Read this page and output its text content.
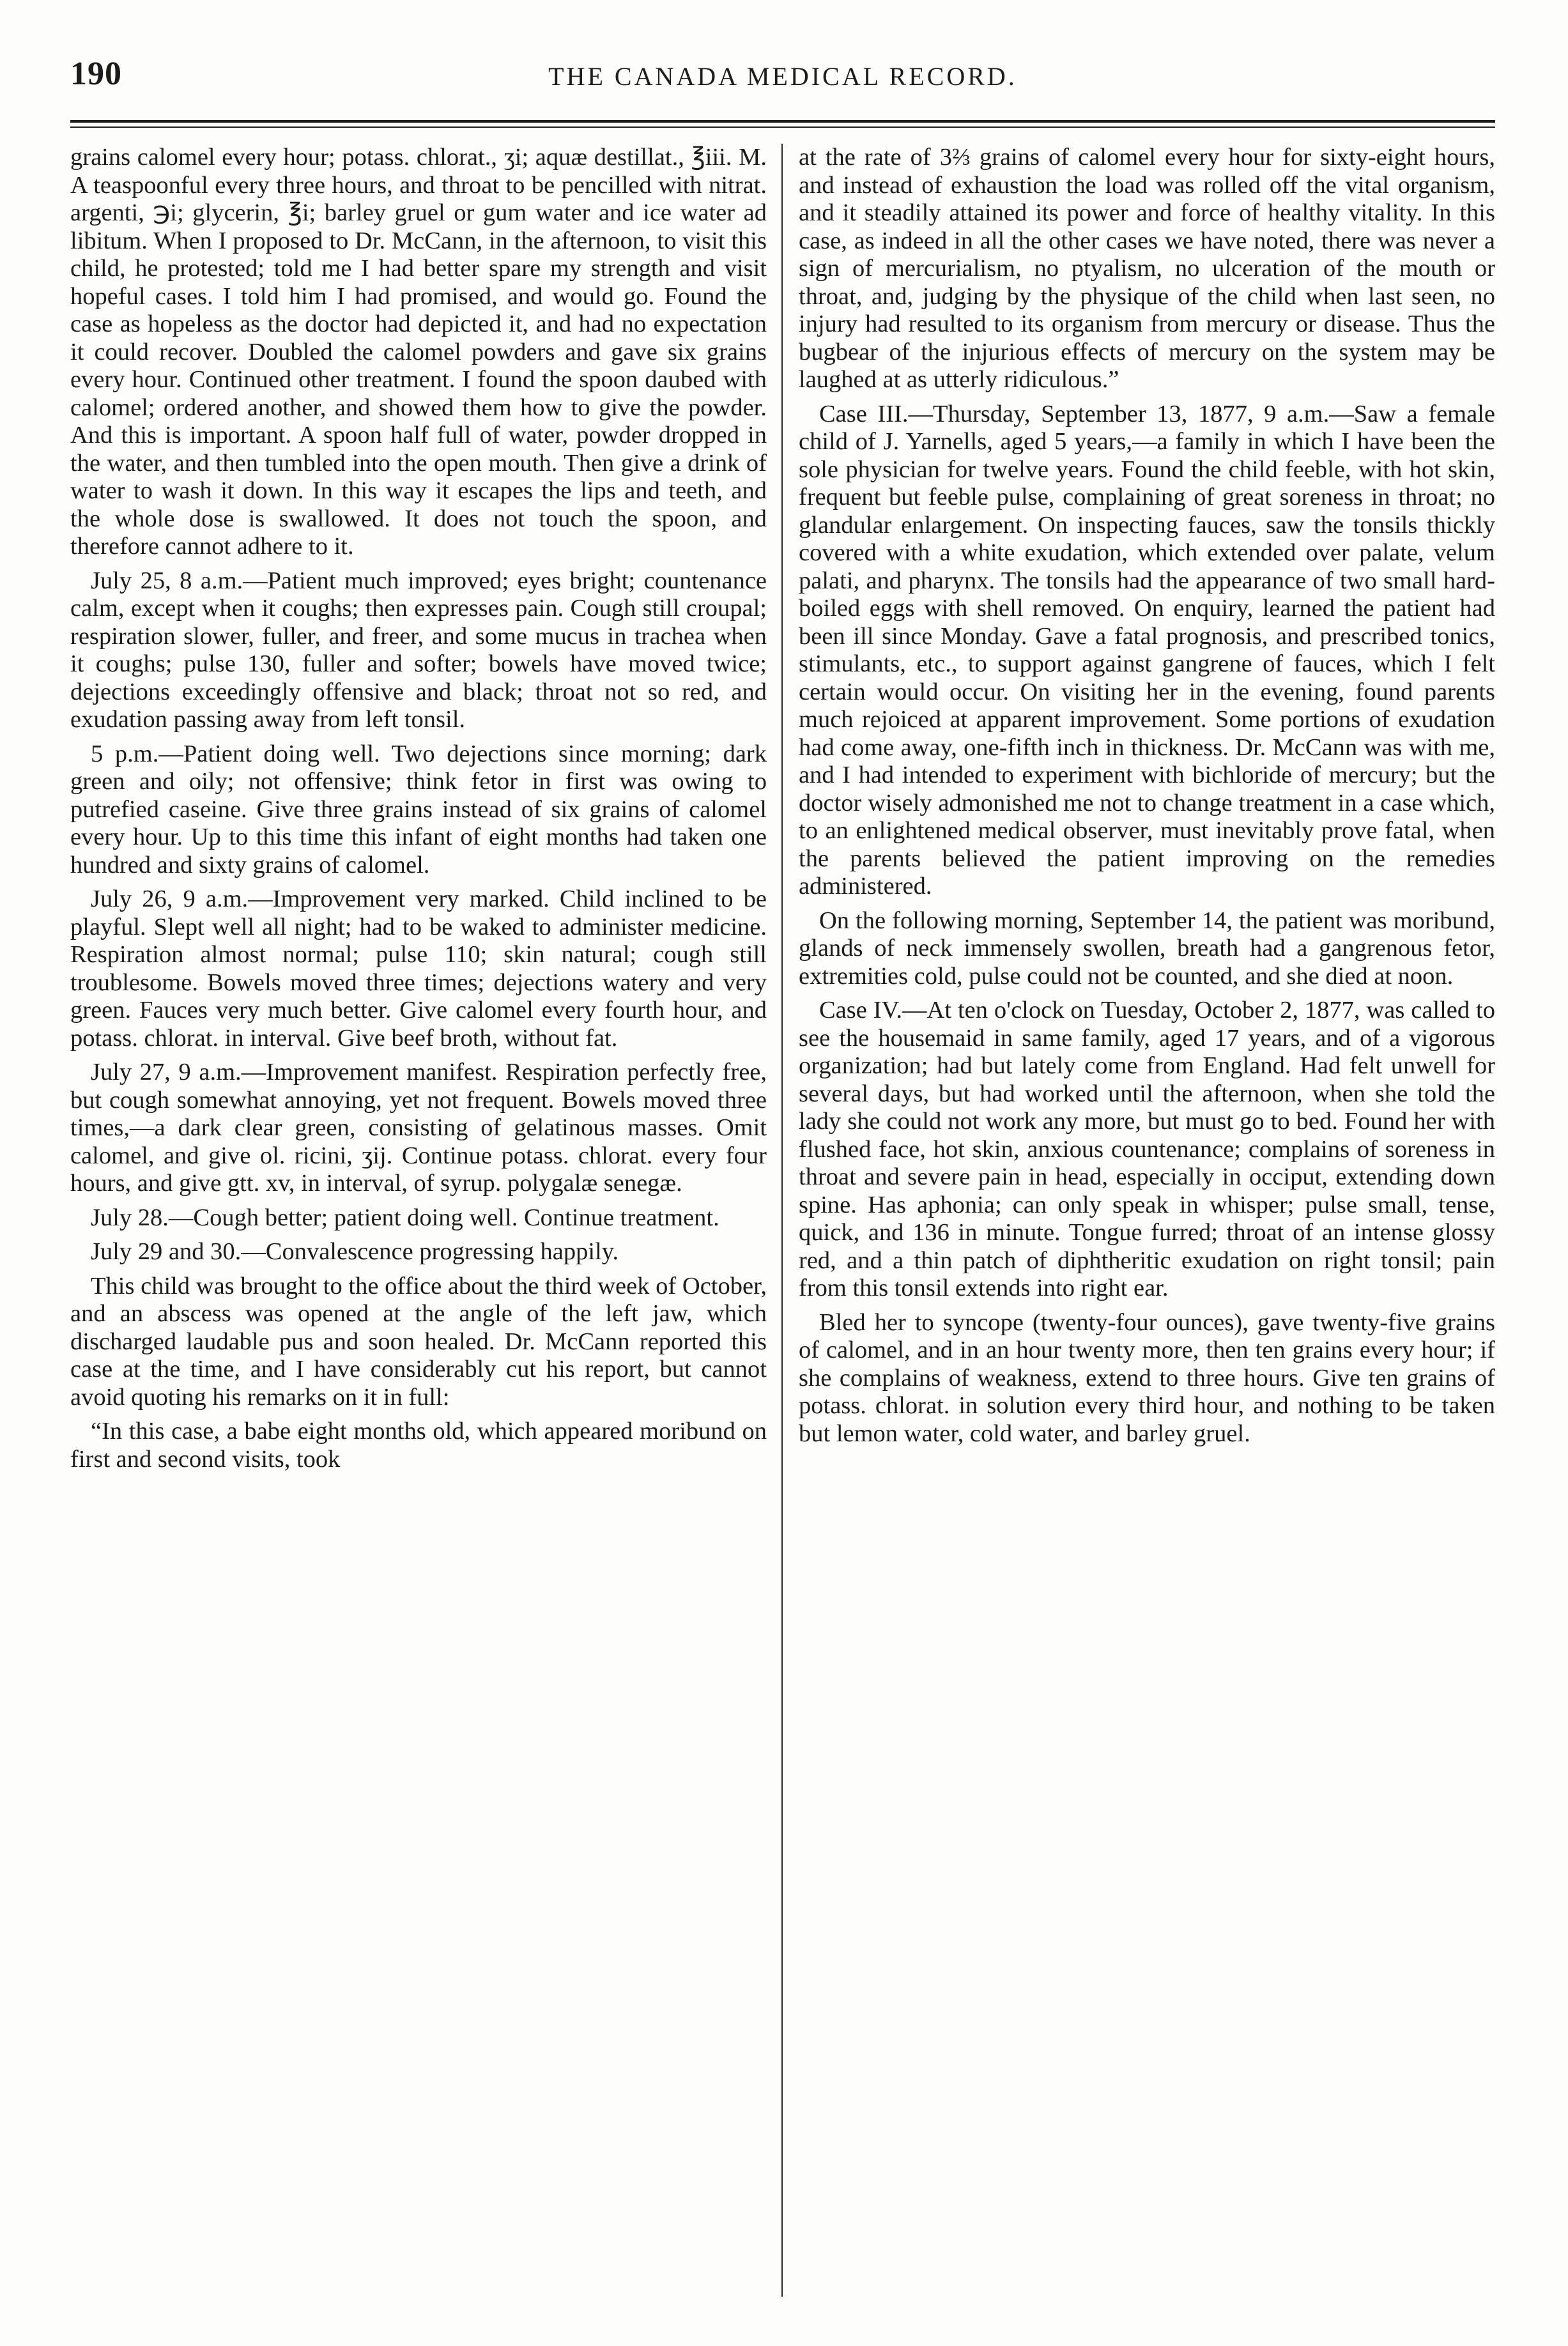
190	THE CANADA MEDICAL RECORD.

grains calomel every hour; potass. chlorat., ʒi; aquæ destillat., ℥iii. M. A teaspoonful every three hours, and throat to be pencilled with nitrat. argenti, ℈i; glycerin, ℥i; barley gruel or gum water and ice water ad libitum. When I proposed to Dr. McCann, in the afternoon, to visit this child, he protested; told me I had better spare my strength and visit hopeful cases. I told him I had promised, and would go. Found the case as hopeless as the doctor had depicted it, and had no expectation it could recover. Doubled the calomel powders and gave six grains every hour. Continued other treatment. I found the spoon daubed with calomel; ordered another, and showed them how to give the powder. And this is important. A spoon half full of water, powder dropped in the water, and then tumbled into the open mouth. Then give a drink of water to wash it down. In this way it escapes the lips and teeth, and the whole dose is swallowed. It does not touch the spoon, and therefore cannot adhere to it.

July 25, 8 a.m.—Patient much improved; eyes bright; countenance calm, except when it coughs; then expresses pain. Cough still croupal; respiration slower, fuller, and freer, and some mucus in trachea when it coughs; pulse 130, fuller and softer; bowels have moved twice; dejections exceedingly offensive and black; throat not so red, and exudation passing away from left tonsil.

5 p.m.—Patient doing well. Two dejections since morning; dark green and oily; not offensive; think fetor in first was owing to putrefied caseine. Give three grains instead of six grains of calomel every hour. Up to this time this infant of eight months had taken one hundred and sixty grains of calomel.

July 26, 9 a.m.—Improvement very marked. Child inclined to be playful. Slept well all night; had to be waked to administer medicine. Respiration almost normal; pulse 110; skin natural; cough still troublesome. Bowels moved three times; dejections watery and very green. Fauces very much better. Give calomel every fourth hour, and potass. chlorat. in interval. Give beef broth, without fat.

July 27, 9 a.m.—Improvement manifest. Respiration perfectly free, but cough somewhat annoying, yet not frequent. Bowels moved three times,—a dark clear green, consisting of gelatinous masses. Omit calomel, and give ol. ricini, ʒij. Continue potass. chlorat. every four hours, and give gtt. xv, in interval, of syrup. polygalæ senegæ.

July 28.—Cough better; patient doing well. Continue treatment.

July 29 and 30.—Convalescence progressing happily.

This child was brought to the office about the third week of October, and an abscess was opened at the angle of the left jaw, which discharged laudable pus and soon healed. Dr. McCann reported this case at the time, and I have considerably cut his report, but cannot avoid quoting his remarks on it in full:

“In this case, a babe eight months old, which appeared moribund on first and second visits, took

at the rate of 3⅔ grains of calomel every hour for sixty-eight hours, and instead of exhaustion the load was rolled off the vital organism, and it steadily attained its power and force of healthy vitality. In this case, as indeed in all the other cases we have noted, there was never a sign of mercurialism, no ptyalism, no ulceration of the mouth or throat, and, judging by the physique of the child when last seen, no injury had resulted to its organism from mercury or disease. Thus the bugbear of the injurious effects of mercury on the system may be laughed at as utterly ridiculous.”

Case III.—Thursday, September 13, 1877, 9 a.m.—Saw a female child of J. Yarnells, aged 5 years,—a family in which I have been the sole physician for twelve years. Found the child feeble, with hot skin, frequent but feeble pulse, complaining of great soreness in throat; no glandular enlargement. On inspecting fauces, saw the tonsils thickly covered with a white exudation, which extended over palate, velum palati, and pharynx. The tonsils had the appearance of two small hard-boiled eggs with shell removed. On enquiry, learned the patient had been ill since Monday. Gave a fatal prognosis, and prescribed tonics, stimulants, etc., to support against gangrene of fauces, which I felt certain would occur. On visiting her in the evening, found parents much rejoiced at apparent improvement. Some portions of exudation had come away, one-fifth inch in thickness. Dr. McCann was with me, and I had intended to experiment with bichloride of mercury; but the doctor wisely admonished me not to change treatment in a case which, to an enlightened medical observer, must inevitably prove fatal, when the parents believed the patient improving on the remedies administered.

On the following morning, September 14, the patient was moribund, glands of neck immensely swollen, breath had a gangrenous fetor, extremities cold, pulse could not be counted, and she died at noon.

Case IV.—At ten o'clock on Tuesday, October 2, 1877, was called to see the housemaid in same family, aged 17 years, and of a vigorous organization; had but lately come from England. Had felt unwell for several days, but had worked until the afternoon, when she told the lady she could not work any more, but must go to bed. Found her with flushed face, hot skin, anxious countenance; complains of soreness in throat and severe pain in head, especially in occiput, extending down spine. Has aphonia; can only speak in whisper; pulse small, tense, quick, and 136 in minute. Tongue furred; throat of an intense glossy red, and a thin patch of diphtheritic exudation on right tonsil; pain from this tonsil extends into right ear.

Bled her to syncope (twenty-four ounces), gave twenty-five grains of calomel, and in an hour twenty more, then ten grains every hour; if she complains of weakness, extend to three hours. Give ten grains of potass. chlorat. in solution every third hour, and nothing to be taken but lemon water, cold water, and barley gruel.
